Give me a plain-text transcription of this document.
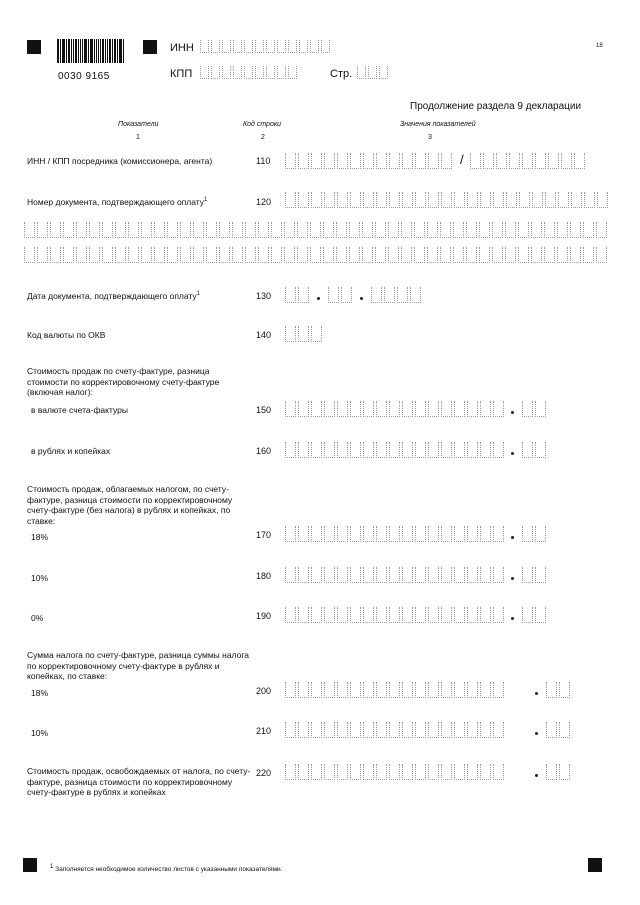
0030 9165
ИНН
КПП	Стр.
18
Продолжение раздела 9 декларации
Показатели	Код строки	Значения показателей
1	2	3
ИНН / КПП посредника (комиссионера, агента)	110	/
Номер документа, подтверждающего оплату$^1$	120
Дата документа, подтверждающего оплату$^1$	130
Код валюты по ОКВ	140
Стоимость продаж по счету-фактуре, разница стоимости по корректировочному счету-фактуре (включая налог):
в валюте счета-фактуры	150
в рублях и копейках	160
Стоимость продаж, облагаемых налогом, по счету-фактуре, разница стоимости по корректировочному счету-фактуре (без налога) в рублях и копейках, по ставке:
18%	170
10%	180
0%	190
Сумма налога по счету-фактуре, разница суммы налога по корректировочному счету-фактуре в рублях и копейках, по ставке:
18%	200
10%	210
Стоимость продаж, освобождаемых от налога, по счету-фактуре, разница стоимости по корректировочному счету-фактуре в рублях и копейках
220
1 Заполняется необходимое количество листов с указанными показателями.
